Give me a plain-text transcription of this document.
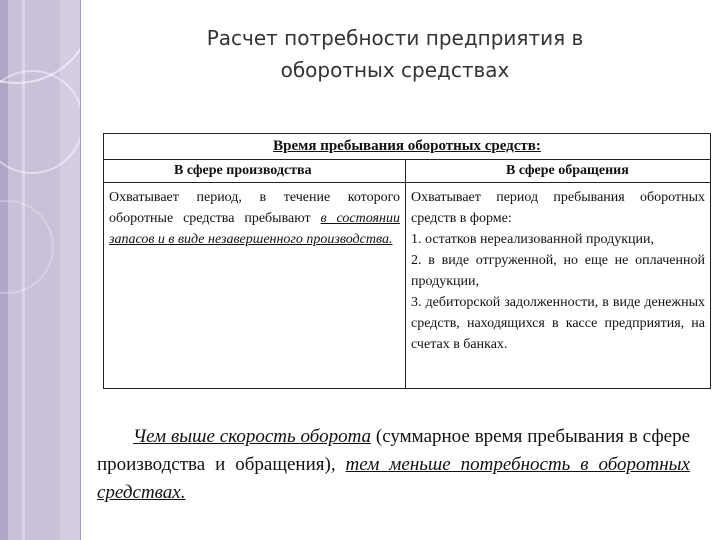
Расчет потребности предприятия в
оборотных средствах
Время пребывания оборотных средств:
В сфере производства	В сфере обращения
Охватывает период, в течение которого оборотные средства пребывают в состоянии запасов и в виде незавершенного производства.
Охватывает период пребывания оборотных средств в форме:
1. остатков нереализованной продукции,
2. в виде отгруженной, но еще не оплаченной продукции,
3. дебиторской задолженности, в виде денежных средств, находящихся в кассе предприятия, на счетах в банках.
Чем выше скорость оборота (суммарное время пребывания в сфере производства и обращения), тем меньше потребность в оборотных средствах.
